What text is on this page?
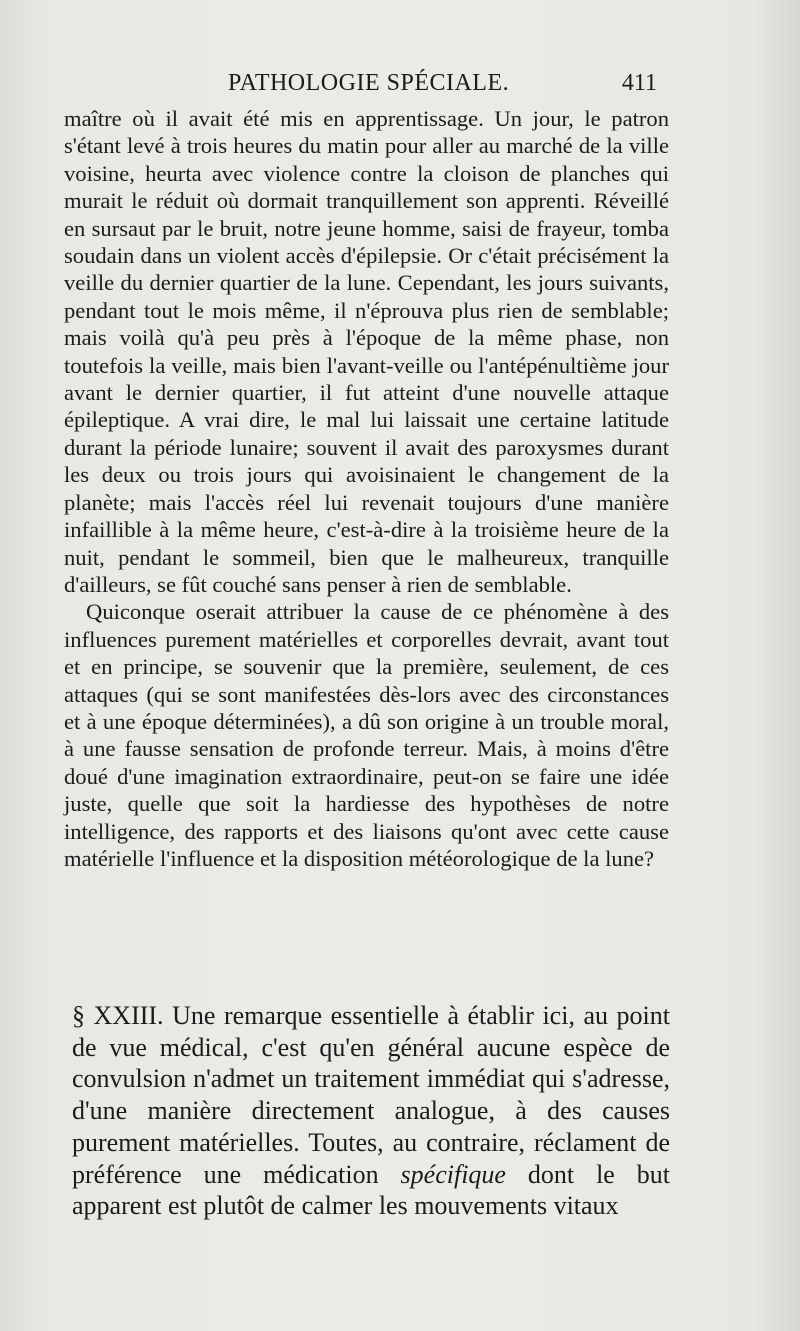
PATHOLOGIE SPÉCIALE.	411

maître où il avait été mis en apprentissage. Un jour, le patron s'étant levé à trois heures du matin pour aller au marché de la ville voisine, heurta avec violence contre la cloison de planches qui murait le réduit où dormait tranquillement son apprenti. Réveillé en sursaut par le bruit, notre jeune homme, saisi de frayeur, tomba soudain dans un violent accès d'épilepsie. Or c'était précisément la veille du dernier quartier de la lune. Cependant, les jours suivants, pendant tout le mois même, il n'éprouva plus rien de semblable; mais voilà qu'à peu près à l'époque de la même phase, non toutefois la veille, mais bien l'avant-veille ou l'antépénultième jour avant le dernier quartier, il fut atteint d'une nouvelle attaque épileptique. A vrai dire, le mal lui laissait une certaine latitude durant la période lunaire; souvent il avait des paroxysmes durant les deux ou trois jours qui avoisinaient le changement de la planète; mais l'accès réel lui revenait toujours d'une manière infaillible à la même heure, c'est-à-dire à la troisième heure de la nuit, pendant le sommeil, bien que le malheureux, tranquille d'ailleurs, se fût couché sans penser à rien de semblable.

Quiconque oserait attribuer la cause de ce phénomène à des influences purement matérielles et corporelles devrait, avant tout et en principe, se souvenir que la première, seulement, de ces attaques (qui se sont manifestées dès-lors avec des circonstances et à une époque déterminées), a dû son origine à un trouble moral, à une fausse sensation de profonde terreur. Mais, à moins d'être doué d'une imagination extraordinaire, peut-on se faire une idée juste, quelle que soit la hardiesse des hypothèses de notre intelligence, des rapports et des liaisons qu'ont avec cette cause matérielle l'influence et la disposition météorologique de la lune?

§ XXIII. Une remarque essentielle à établir ici, au point de vue médical, c'est qu'en général aucune espèce de convulsion n'admet un traitement immédiat qui s'adresse, d'une manière directement analogue, à des causes purement matérielles. Toutes, au contraire, réclament de préférence une médication spécifique dont le but apparent est plutôt de calmer les mouvements vitaux
